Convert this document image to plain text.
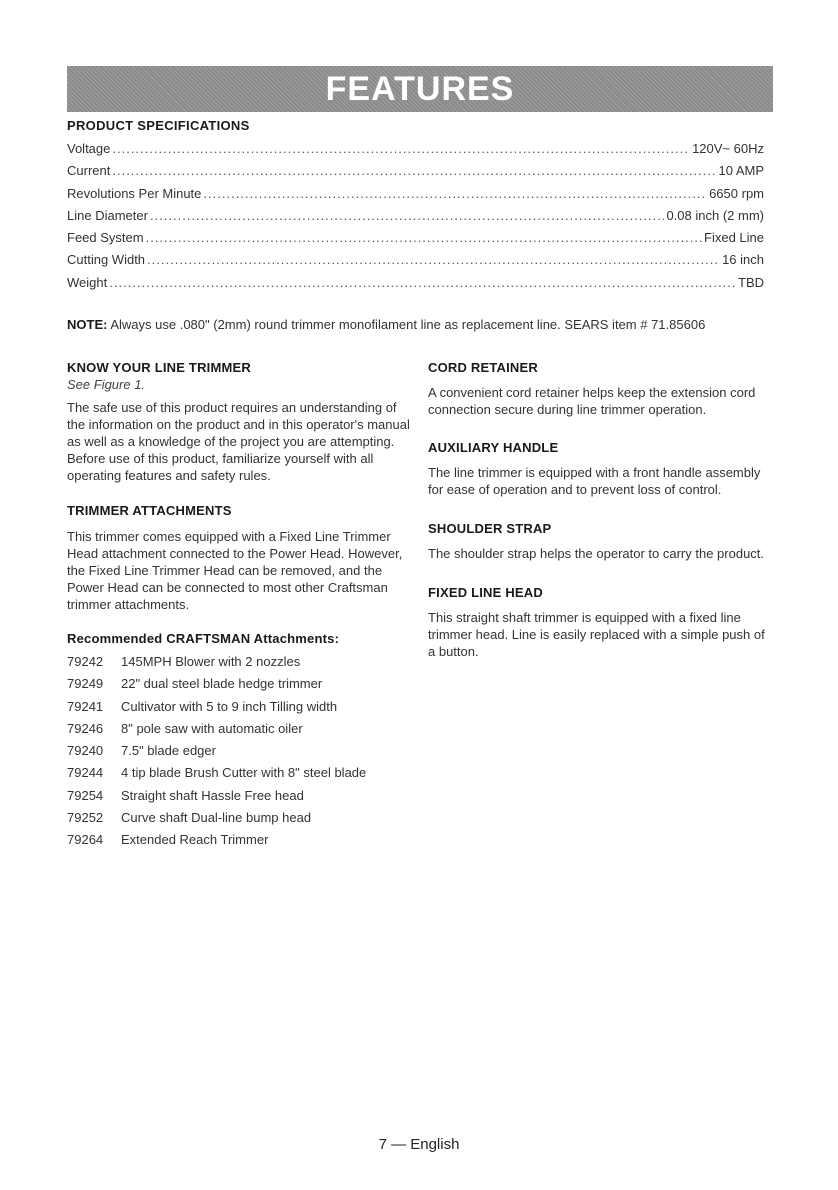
FEATURES
PRODUCT SPECIFICATIONS
Voltage .....	120V~ 60Hz
Current .....	10 AMP
Revolutions Per Minute .....	6650 rpm
Line Diameter .....	0.08 inch (2 mm)
Feed System .....	Fixed Line
Cutting Width .....	16 inch
Weight .....	TBD
NOTE: Always use .080" (2mm) round trimmer monofilament line as replacement line. SEARS item # 71.85606

KNOW YOUR LINE TRIMMER

See Figure 1.

The safe use of this product requires an understanding of the information on the product and in this operator's manual as well as a knowledge of the project you are attempting. Before use of this product, familiarize yourself with all operating features and safety rules.

TRIMMER ATTACHMENTS

This trimmer comes equipped with a Fixed Line Trimmer Head attachment connected to the Power Head. However, the Fixed Line Trimmer Head can be removed, and the Power Head can be connected to most other Craftsman trimmer attachments.

Recommended CRAFTSMAN Attachments:

79242	145MPH Blower with 2 nozzles
79249	22" dual steel blade hedge trimmer
79241	Cultivator with 5 to 9 inch Tilling width
79246	8" pole saw with automatic oiler
79240	7.5" blade edger
79244	4 tip blade Brush Cutter with 8" steel blade
79254	Straight shaft Hassle Free head
79252	Curve shaft Dual-line bump head
79264	Extended Reach Trimmer

CORD RETAINER

A convenient cord retainer helps keep the extension cord connection secure during line trimmer operation.

AUXILIARY HANDLE

The line trimmer is equipped with a front handle assembly for ease of operation and to prevent loss of control.

SHOULDER STRAP

The shoulder strap helps the operator to carry the product.

FIXED LINE HEAD

This straight shaft trimmer is equipped with a fixed line trimmer head. Line is easily replaced with a simple push of a button.

7 — English
